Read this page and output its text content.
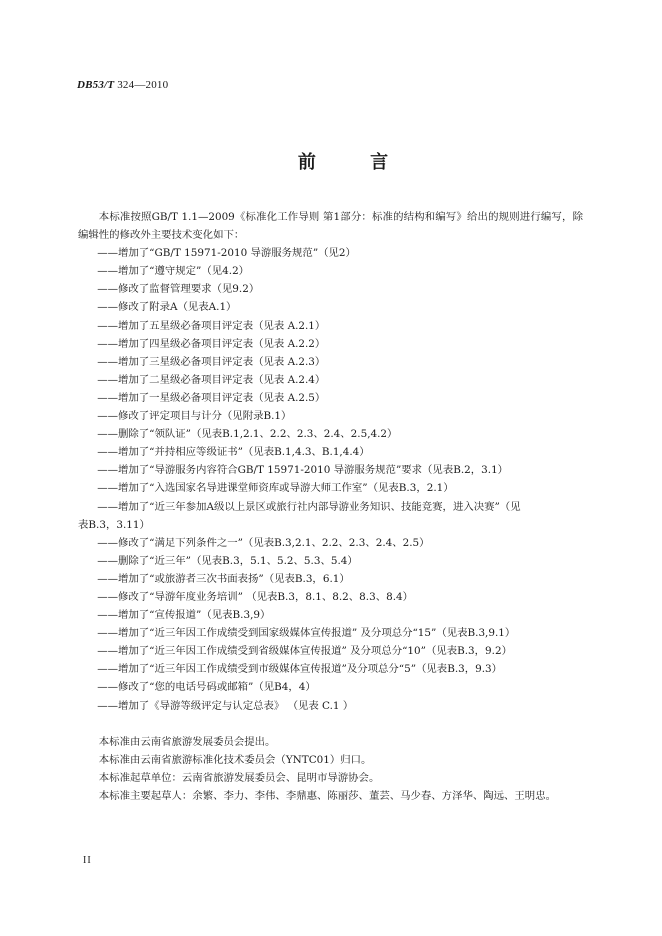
DB53/T 324—2010
前 言

本标准按照GB/T 1.1—2009《标准化工作导则 第1部分：标准的结构和编写》给出的规则进行编写，除编辑性的修改外主要技术变化如下：

——增加了“GB/T 15971-2010 导游服务规范”（见2）

——增加了“遵守规定”（见4.2）

——修改了监督管理要求（见9.2）

——修改了附录A（见表A.1）

——增加了五星级必备项目评定表（见表 A.2.1）

——增加了四星级必备项目评定表（见表 A.2.2）

——增加了三星级必备项目评定表（见表 A.2.3）

——增加了二星级必备项目评定表（见表 A.2.4）

——增加了一星级必备项目评定表（见表 A.2.5）

——修改了评定项目与计分（见附录B.1）

——删除了“领队证”（见表B.1,2.1、2.2、2.3、2.4、2.5,4.2）

——增加了“并持相应等级证书”（见表B.1,4.3、B.1,4.4）

——增加了“导游服务内容符合GB/T 15971-2010 导游服务规范”要求（见表B.2，3.1）

——增加了“入选国家名导进课堂师资库或导游大师工作室”（见表B.3，2.1）

——增加了“近三年参加A级以上景区或旅行社内部导游业务知识、技能竞赛，进入决赛”（见

表B.3，3.11）

——修改了“满足下列条件之一”（见表B.3,2.1、2.2、2.3、2.4、2.5）

——删除了“近三年”（见表B.3，5.1、5.2、5.3、5.4）

——增加了“或旅游者三次书面表扬”（见表B.3，6.1）

——修改了“导游年度业务培训” （见表B.3，8.1、8.2、8.3、8.4）

——增加了“宣传报道”（见表B.3,9）

——增加了“近三年因工作成绩受到国家级媒体宣传报道” 及分项总分“15”（见表B.3,9.1）

——增加了“近三年因工作成绩受到省级媒体宣传报道” 及分项总分“10”（见表B.3，9.2）

——增加了“近三年因工作成绩受到市级媒体宣传报道”及分项总分“5”（见表B.3，9.3）

——修改了“您的电话号码或邮箱”（见B4，4）

——增加了《导游等级评定与认定总表》 （见表 C.1 ）

本标准由云南省旅游发展委员会提出。

本标准由云南省旅游标准化技术委员会（YNTC01）归口。

本标准起草单位：云南省旅游发展委员会、昆明市导游协会。

本标准主要起草人：余繁、李力、李伟、李鼎惠、陈丽莎、董芸、马少春、方泽华、陶远、王明忠。

II
